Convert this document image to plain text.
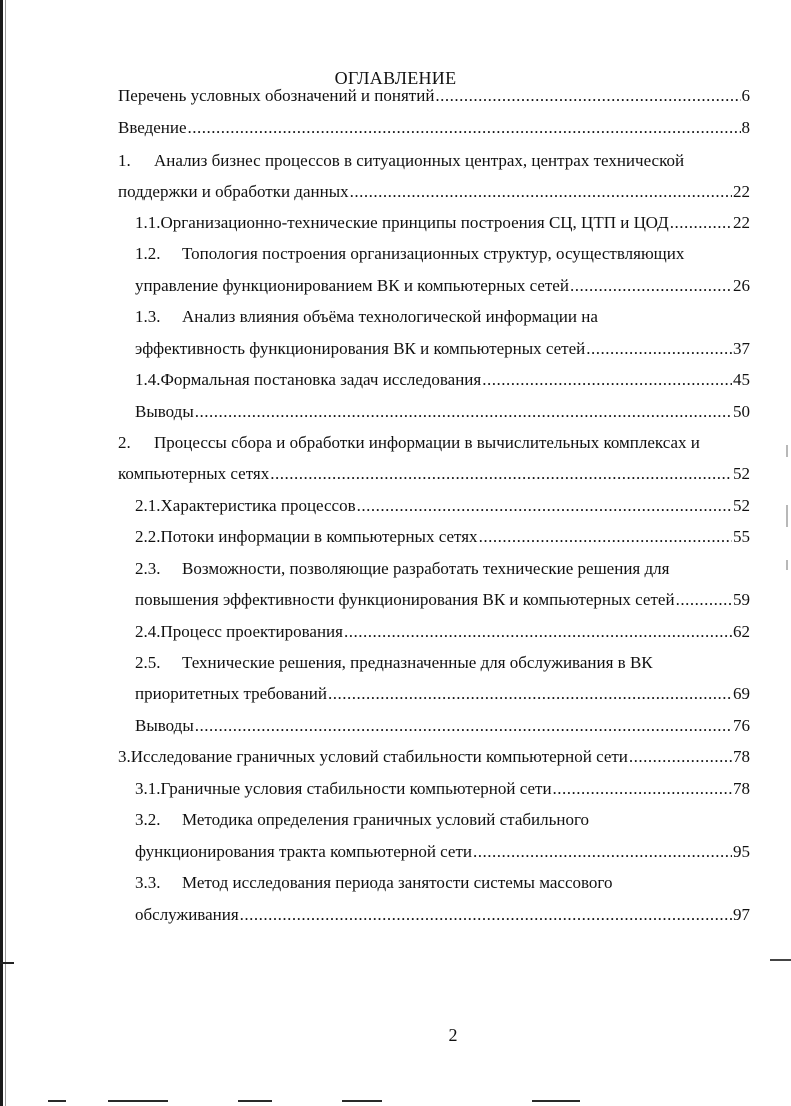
ОГЛАВЛЕНИЕ
Перечень условных обозначений и понятий .....	6
Введение .....	8
1.	Анализ бизнес процессов в ситуационных центрах, центрах технической
поддержки и обработки данных .....	22
1.1. Организационно-технические принципы построения СЦ, ЦТП и ЦОД .....	22
1.2.	Топология построения организационных структур, осуществляющих
управление функционированием ВК и компьютерных сетей .....	26
1.3.	Анализ влияния объёма технологической информации на
эффективность функционирования ВК и компьютерных сетей .....	37
1.4. Формальная постановка задач исследования .....	45
Выводы .....	50
2.	Процессы сбора и обработки информации в вычислительных комплексах и
компьютерных сетях .....	52
2.1. Характеристика процессов .....	52
2.2. Потоки информации в компьютерных сетях .....	55
2.3.	Возможности, позволяющие разработать технические решения для
повышения эффективности функционирования ВК и компьютерных сетей .....	59
2.4. Процесс проектирования .....	62
2.5.	Технические решения, предназначенные для обслуживания в ВК
приоритетных требований .....	69
Выводы .....	76
3. Исследование граничных условий стабильности компьютерной сети .....	78
3.1. Граничные условия стабильности компьютерной сети .....	78
3.2.	Методика определения граничных условий стабильного
функционирования тракта компьютерной сети .....	95
3.3.	Метод исследования периода занятости системы массового
обслуживания .....	97
2
